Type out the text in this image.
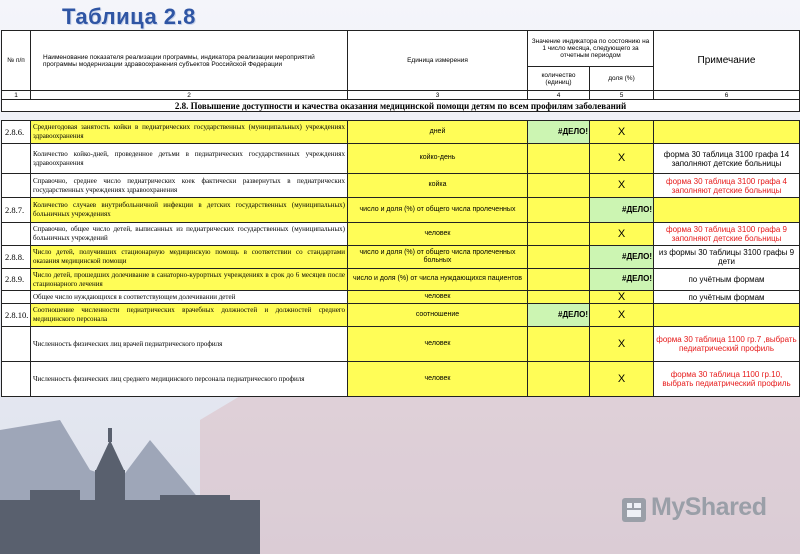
Таблица 2.8
№ п/п	Наименование показателя реализации программы, индикатора реализации мероприятий программы модернизации здравоохранения субъектов Российской Федерации	Единица измерения	Значение индикатора по состоянию на 1 число месяца, следующего за отчетным периодом		Примечание
			количество (единиц)	доля (%)	
1	2	3	4	5	6
2.8. Повышение доступности и качества оказания медицинской помощи детям по всем профилям заболеваний					
2.8.6.	Среднегодовая занятость койки в педиатрических государственных (муниципальных) учреждениях здравоохранения	дней	#ДЕЛО!	X	
	Количество койко-дней, проведенное детьми в педиатрических государственных учреждениях здравоохранения	койко-день		X	форма 30 таблица 3100 графа 14 заполняют детские больницы
	Справочно, среднее число педиатрических коек фактически развернутых в педиатрических государственных учреждениях здравоохранения	койка		X	форма 30 таблица 3100 графа 4 заполняют детские больницы
2.8.7.	Количество случаев внутрибольничной инфекции в детских государственных (муниципальных) больничных учреждениях	число и доля (%) от общего числа пролеченных		#ДЕЛО!	
	Справочно, общее число детей, выписанных из педиатрических государственных (муниципальных) больничных учреждений	человек		X	форма 30 таблица 3100 графа 9 заполняют детские больницы
2.8.8.	Число детей, получивших стационарную медицинскую помощь в соответствии со стандартами оказания медицинской помощи	число и доля (%) от общего числа пролеченных больных		#ДЕЛО!	из формы 30 таблицы 3100 графы 9 дети
2.8.9.	Число детей, прошедших долечивание в санаторно-курортных учреждениях в срок до 6 месяцев после стационарного лечения	число и доля (%) от числа нуждающихся пациентов		#ДЕЛО!	по учётным формам
	Общее число нуждающихся в соответствующем долечивании детей	человек		X	по учётным формам
2.8.10.	Соотношение численности педиатрических врачебных должностей и должностей среднего медицинского персонала	соотношение	#ДЕЛО!	X	
	Численность физических лиц врачей педиатрического профиля	человек		X	форма 30 таблица 1100 гр.7 ,выбрать педиатрический профиль
	Численность физических лиц среднего медицинского персонала педиатрического профиля	человек		X	форма 30 таблица 1100 гр.10, выбрать педиатрический профиль
MyShared
